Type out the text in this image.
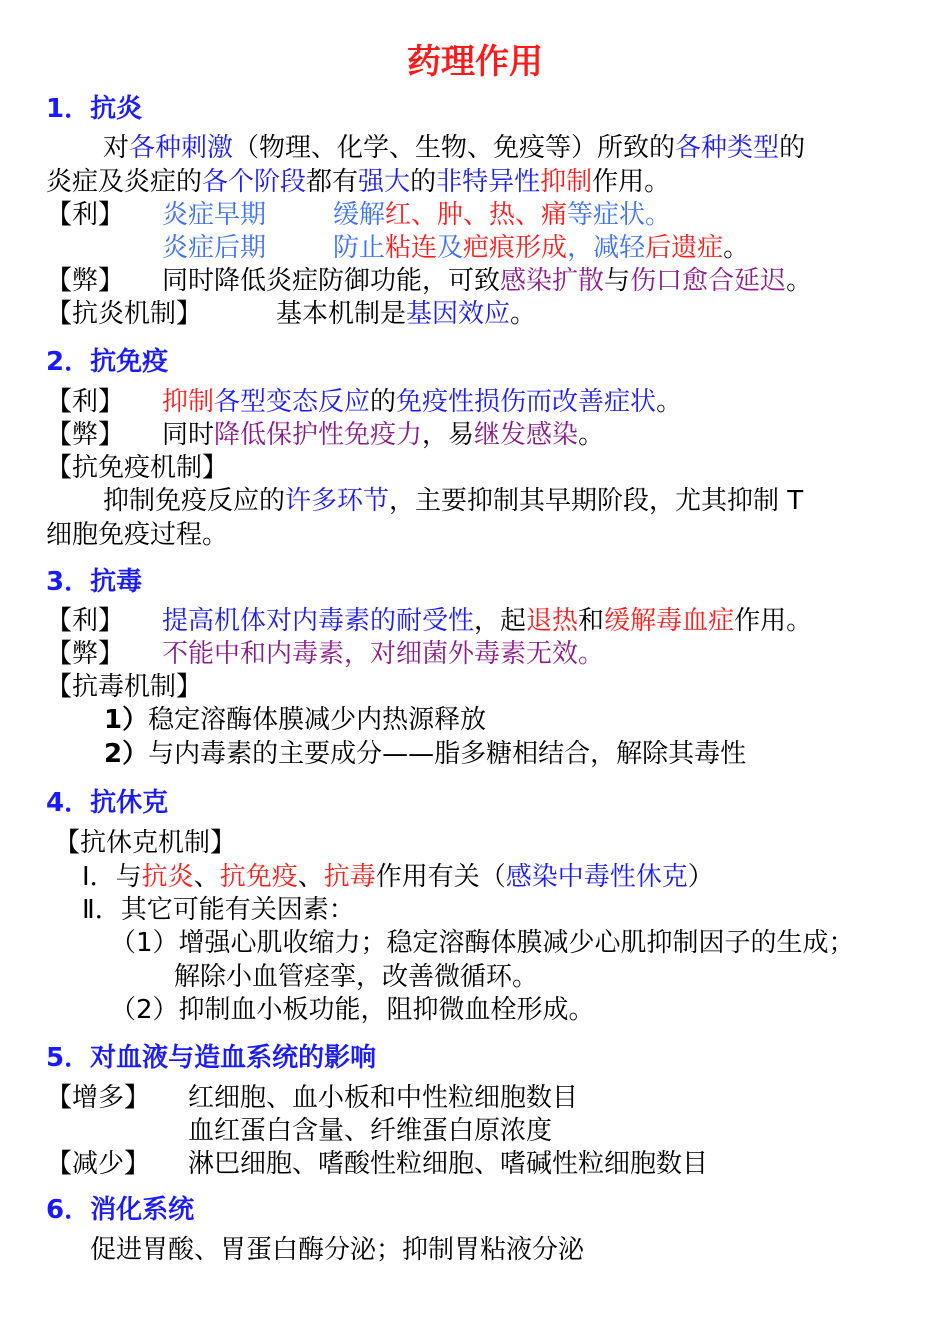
药理作用
1．抗炎
对各种刺激（物理、化学、生物、免疫等）所致的各种类型的
炎症及炎症的各个阶段都有强大的非特异性抑制作用。
【利】 炎症早期	缓解红、肿、热、痛等症状。
炎症后期	防止粘连及疤痕形成，减轻后遗症。
【弊】 同时降低炎症防御功能，可致感染扩散与伤口愈合延迟。
【抗炎机制】	基本机制是基因效应。
2．抗免疫
【利】 抑制各型变态反应的免疫性损伤而改善症状。
【弊】 同时降低保护性免疫力，易继发感染。
【抗免疫机制】
抑制免疫反应的许多环节，主要抑制其早期阶段，尤其抑制 T
细胞免疫过程。
3．抗毒
【利】 提高机体对内毒素的耐受性，起退热和缓解毒血症作用。
【弊】 不能中和内毒素，对细菌外毒素无效。
【抗毒机制】
1）稳定溶酶体膜减少内热源释放
2）与内毒素的主要成分——脂多糖相结合，解除其毒性
4．抗休克
【抗休克机制】
Ⅰ．与抗炎、抗免疫、抗毒作用有关（感染中毒性休克）
Ⅱ．其它可能有关因素：
（1）增强心肌收缩力；稳定溶酶体膜减少心肌抑制因子的生成；
解除小血管痉挛，改善微循环。
（2）抑制血小板功能，阻抑微血栓形成。
5．对血液与造血系统的影响
【增多】 红细胞、血小板和中性粒细胞数目
血红蛋白含量、纤维蛋白原浓度
【减少】 淋巴细胞、嗜酸性粒细胞、嗜碱性粒细胞数目
6．消化系统
促进胃酸、胃蛋白酶分泌；抑制胃粘液分泌
